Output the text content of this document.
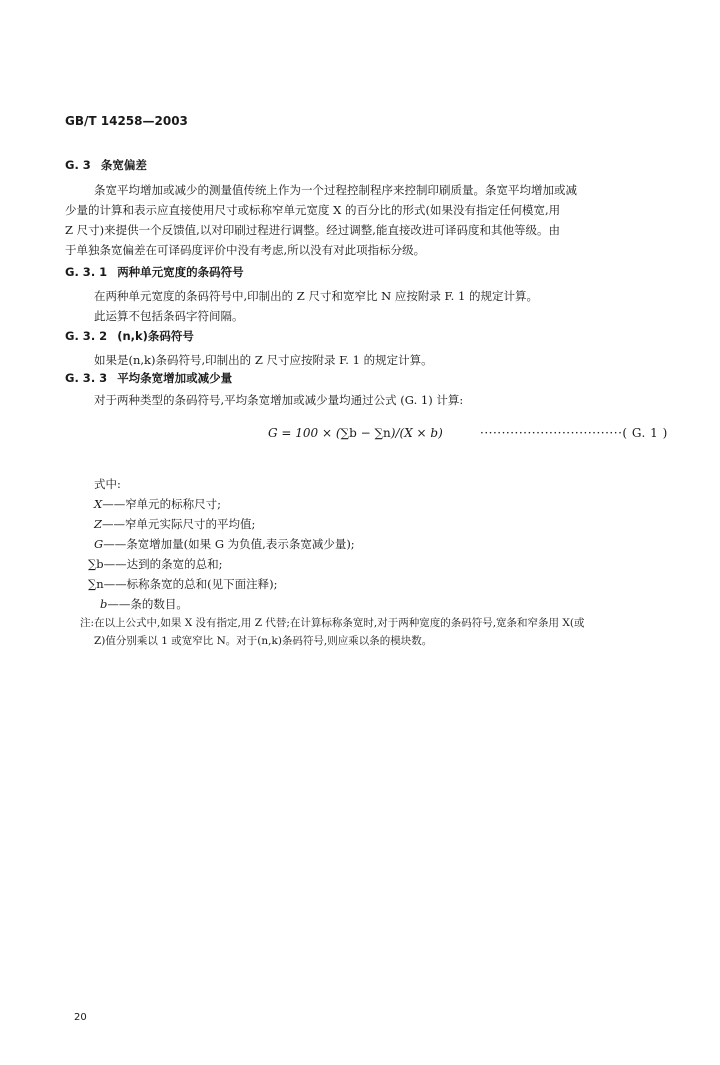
GB/T 14258—2003
G. 3 条宽偏差
条宽平均增加或减少的测量值传统上作为一个过程控制程序来控制印刷质量。条宽平均增加或减
少量的计算和表示应直接使用尺寸或标称窄单元宽度 X 的百分比的形式(如果没有指定任何模宽,用
Z 尺寸)来提供一个反馈值,以对印刷过程进行调整。经过调整,能直接改进可译码度和其他等级。由
于单独条宽偏差在可译码度评价中没有考虑,所以没有对此项指标分级。
G. 3. 1 两种单元宽度的条码符号
在两种单元宽度的条码符号中,印制出的 Z 尺寸和宽窄比 N 应按附录 F. 1 的规定计算。
此运算不包括条码字符间隔。
G. 3. 2 (n,k)条码符号
如果是(n,k)条码符号,印制出的 Z 尺寸应按附录 F. 1 的规定计算。
G. 3. 3 平均条宽增加或减少量
对于两种类型的条码符号,平均条宽增加或减少量均通过公式 (G. 1) 计算:
G = 100 × (∑b − ∑n)/(X × b)	·································( G. 1 )
式中:
X——窄单元的标称尺寸;
Z——窄单元实际尺寸的平均值;
G——条宽增加量(如果 G 为负值,表示条宽减少量);
∑b——达到的条宽的总和;
∑n——标称条宽的总和(见下面注释);
b——条的数目。
注:在以上公式中,如果 X 没有指定,用 Z 代替;在计算标称条宽时,对于两种宽度的条码符号,宽条和窄条用 X(或
Z)值分别乘以 1 或宽窄比 N。对于(n,k)条码符号,则应乘以条的模块数。
20
